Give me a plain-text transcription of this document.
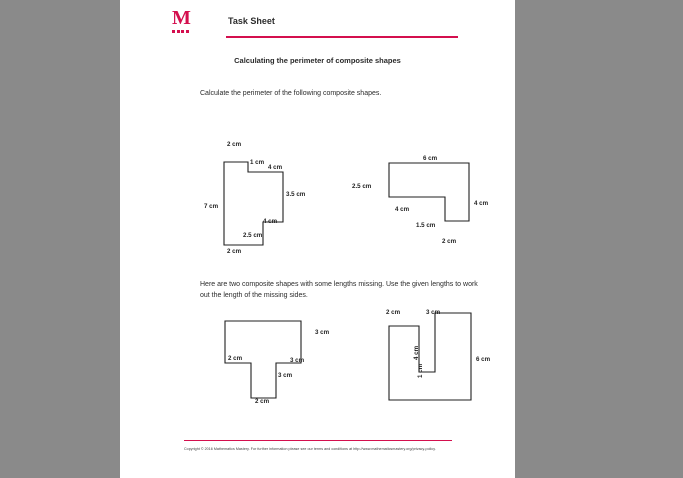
M	Task Sheet
Calculating the perimeter of composite shapes
Calculate the perimeter of the following composite shapes.
Here are two composite shapes with some lengths missing. Use the given lengths to work out the length of the missing sides.
2 cm
1 cm
4 cm
3.5 cm
4 cm
2.5 cm
2 cm
7 cm
6 cm
2.5 cm
4 cm
4 cm
1.5 cm
2 cm
3 cm
2 cm	3 cm
3 cm
2 cm
2 cm	3 cm
4 cm
1 cm
6 cm
Copyright © 2016 Mathematics Mastery. For further information please see our terms and conditions at http://www.mathematicsmastery.org/privacy-policy.
